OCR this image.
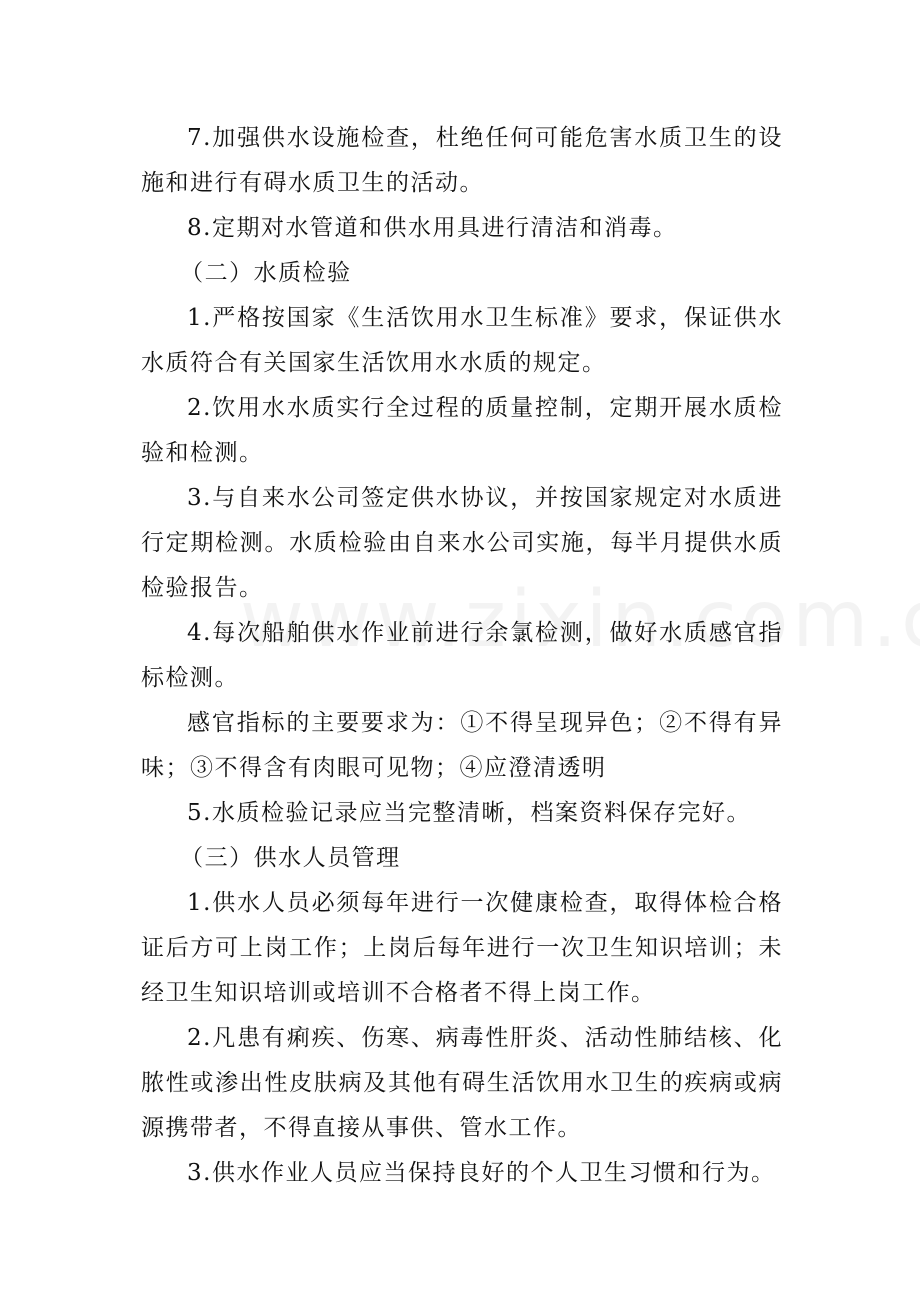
7.加强供水设施检查，杜绝任何可能危害水质卫生的设施和进行有碍水质卫生的活动。

8.定期对水管道和供水用具进行清洁和消毒。

（二）水质检验

1.严格按国家《生活饮用水卫生标准》要求，保证供水水质符合有关国家生活饮用水水质的规定。

2.饮用水水质实行全过程的质量控制，定期开展水质检验和检测。

3.与自来水公司签定供水协议，并按国家规定对水质进行定期检测。水质检验由自来水公司实施，每半月提供水质检验报告。

4.每次船舶供水作业前进行余氯检测，做好水质感官指标检测。

感官指标的主要要求为：①不得呈现异色；②不得有异味；③不得含有肉眼可见物；④应澄清透明

5.水质检验记录应当完整清晰，档案资料保存完好。

（三）供水人员管理

1.供水人员必须每年进行一次健康检查，取得体检合格证后方可上岗工作；上岗后每年进行一次卫生知识培训；未经卫生知识培训或培训不合格者不得上岗工作。

2.凡患有痢疾、伤寒、病毒性肝炎、活动性肺结核、化脓性或渗出性皮肤病及其他有碍生活饮用水卫生的疾病或病源携带者，不得直接从事供、管水工作。

3.供水作业人员应当保持良好的个人卫生习惯和行为。
